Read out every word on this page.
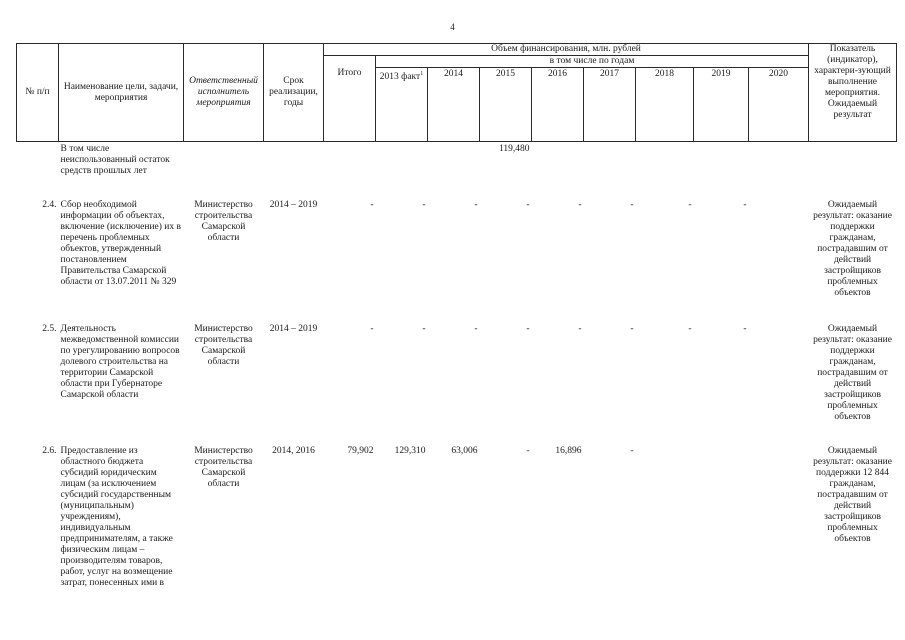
4
№ п/п	Наименование цели, задачи, мероприятия	Ответственный исполнитель мероприятия	Срок реализации, годы	Объем финансирования, млн. рублей									Показатель (индикатор), характери-зующий выполнение мероприятия. Ожидаемый результат
				Итого	в том числе по годам								
					2013 факт$^1$	2014	2015	2016	2017	2018	2019	2020	
	В том числе неиспользованный остаток средств прошлых лет						119,480						
2.4.	Сбор необходимой информации об объектах, включение (исключение) их в перечень проблемных объектов, утвержденный постановлением Правительства Самарской области от 13.07.2011 № 329	Министерство строительства Самарской области	2014 – 2019	-	-	-	-	-	-	-	-		Ожидаемый результат: оказание поддержки гражданам, пострадавшим от действий застройщиков проблемных объектов
2.5.	Деятельность межведомственной комиссии по урегулированию вопросов долевого строительства на территории Самарской области при Губернаторе Самарской области	Министерство строительства Самарской области	2014 – 2019	-	-	-	-	-	-	-	-		Ожидаемый результат: оказание поддержки гражданам, пострадавшим от действий застройщиков проблемных объектов
2.6.	Предоставление из областного бюджета субсидий юридическим лицам (за исключением субсидий государственным (муниципальным) учреждениям), индивидуальным предпринимателям, а также физическим лицам – производителям товаров, работ, услуг на возмещение затрат, понесенных ими в	Министерство строительства Самарской области	2014, 2016	79,902	129,310	63,006	-	16,896	-				Ожидаемый результат: оказание поддержки 12 844 гражданам, пострадавшим от действий застройщиков проблемных объектов
